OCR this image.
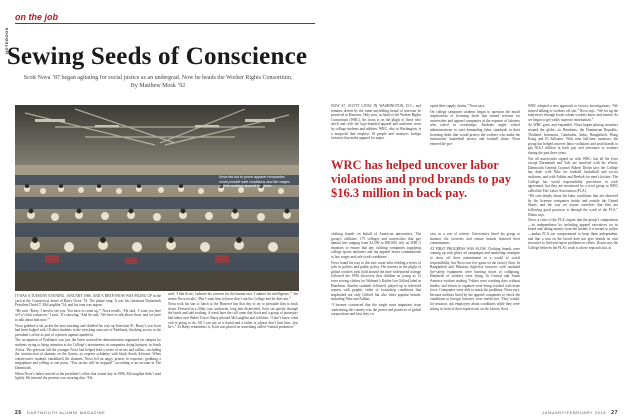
NOTEBOOK
on the job
Sewing Seeds of Conscience
Scott Nova ’87 began agitating for social justice as an undergrad. Now he heads the Worker Rights Consortium. By Matthew Mosk ’92
Nova led out to prove apparel companies could provide safe conditions and fair wages to their workers around the globe.

IT WAS A TUESDAY EVENING, JANUARY 1986, AND A DEEP SNOW WAS PILING UP in the yard at the Connecticut home of Barry Nova ’53. The phone rang. It was his classmate Dartmouth President David T. McLaughlin ’54, and his tone was urgent.

“He said, ‘Barry, I need to see you. You have to come up,’” Nova recalls. “He said, ‘I want you here at 9 o’clock tomorrow.’ I said, ‘It’s snowing.’ And he said, ‘We have to talk about Scott, and we have to talk about him now.’”

Nova grabbed a ski jacket the next morning and skidded his way up Interstate 91. Barry’s son Scott had been lodged with 18 other students in the wrecking staircase of Parkhurst, blocking access to the president’s office as part of a protest against apartheid.

The occupation of Parkhurst was just the latest nonviolent demonstration organized on campus by students trying to bring attention to the College’s investments in companies doing business in South Africa. The previous fall the younger Nova had helped lead a series of sit-ins and rallies—including the construction of shanties on the Green—to express solidarity with black South Africans. When conservative students vandalized the shanties, Nova led an angry protest in response, grabbing a megaphone and yelling at one point, “You racists will be stopped!” according to an account in The Dartmouth.

When Nova’s father arrived at the president’s office that winter day in 1986, McLaughlin didn’t read lightly. He insisted the protests was wearing thin. “He

said, ‘I like Scott, I admire his concern for the human race, I admire his intelligence,’” the senior Nova recalls. “But I want him to know that I run the College and he does not.”

Nova took his son to lunch at the Hanover Inn that day to try to persuade him to back down. Dressed in a filthy coat, unshaven, long hair disheveled, Scott sat quietly through the lunch and said nothing. A week later the call came that Scott and a group of protestors had taken over Baker Tower. Barry phoned McLaughlin and told him, “I don’t know what you’re going to do. All I can say as a friend and a father is, please don’t hurt him—but he’s.” As Barry remembers it, Scott was placed on something called “eternal probation.”

NOW 47, SCOTT LIVES IN WASHINGTON, D.C., and remains driven by the same unyielding brand of activism he practiced in Hanover. Only now, as head of the Worker Rights Consortium (WRC), his focus is on the plight of those who stitch and craft the logo-branded apparel and uniforms worn by college students and athletes. WRC, also in Washington, is a nonprofit that employs 18 people and monitors foreign factories that make apparel for major

WRC has helped uncover labor violations and prod brands to pay $16.3 million in back pay.

clothing brands on behalf of American universities. The group’s affiliates, 175 colleges and universities that pay annual fees ranging from $1,500 to $50,000, rely on WRC’s monitors to ensure that any clothing companies supplying college sports uniforms and fan apparel honor commitments to fair wages and safe work conditions.

Nova found his way to this new cause after fielding a series of jobs in politics and public policy. His interest in the plight of global workers took hold around the time widespread outrage followed the 1996 discovery that children as young as 12 were sewing clothes for Walmart’s Kathie Lee Gifford label in Honduras. Similar scandals followed, played up in televised reports with graphic video of sweatshop conditions that implicated not only Gifford but also other popular brands, including Nike and Adidas.

“I became convinced that the single most important issue confronting the country was the power and practices of global corporations and how they co-

opted their supply chains,” Nova says.

On college campuses students began to question the moral implications of licensing deals that earned revenue for universities and apparel companies at the expense of laborers who toiled in sweatshops. Students urged school administrations to start demanding labor standards in their licensing deals that would protect the workers who make the institutions’ basketball jerseys and football cleats. Nova entered the pro-

cess as a sort of referee. Universities hired his group to monitor the factories and ensure brands honored their commitments.

AT FIRST PROGRESS WAS SLOW. Clothing brands were coming up with glitzy ad campaigns and marketing strategies to show off their commitment to a world of social responsibility, but Nova saw few gains on the factory floor. In Bangladesh and Pakistan, high-rise factories with outdated fire-safety equipment were burning down or collapsing. Hundreds of workers were dying. In Central and South America workers making T-shirts were working days without breaks, and efforts to organize were being crushed with brute force. Companies were able to mask the problems, Nova says, because auditors hired by the apparel companies to check the conditions at foreign factories were ineffective. They would, for instance, ask employees about conditions while they were sitting in front of their supervisors on the factory floor.

WRC adopted a new approach to factory investigations. “We started talking to workers off site,” Nova says. “We set up the interviews through locals whom workers knew and trusted. So we began to get vastly superior information.”

As WRC grew and expanded, Nova began placing monitors around the globe—in Honduras, the Dominican Republic, Thailand, Indonesia, Cambodia, India, Bangladesh, Hong Kong and El Salvador. With nine full-time monitors, the group has helped uncover labor violations and prod brands to pay $16.3 million in back pay and severance to workers during the past three years.

Not all universities signed on with WRC, but all the Ivies except Dartmouth and Yale are involved with his efforts. Dartmouth General Counsel Robert Donin says the College has deals with Nike for football, basketball and soccer uniforms, and with Adidas and Reebok for men’s hockey. The College has social responsibility provisions in each agreement, but they are monitored by a rival group to WRC called the Fair Labor Association (FLA).

“We care deeply about the labor conditions that are observed by the licensee companies inside and outside the United States, and the way we assure ourselves that they are following good practices is through the work of the FLA,” Donin says.

Nova, a critic of the FLA, argues that the group’s composition—its independence by including apparel executives on its board and taking money from the brands it is meant to police—makes FLA too compromised to keep them independent, and that a seat on the board does not give brands its own incentive to find and report problems in others. Donin says the College believes the FLA’s work is above reproach but, at

26 DARTMOUTH ALUMNI MAGAZINE	JANUARY/FEBRUARY 2015 27
